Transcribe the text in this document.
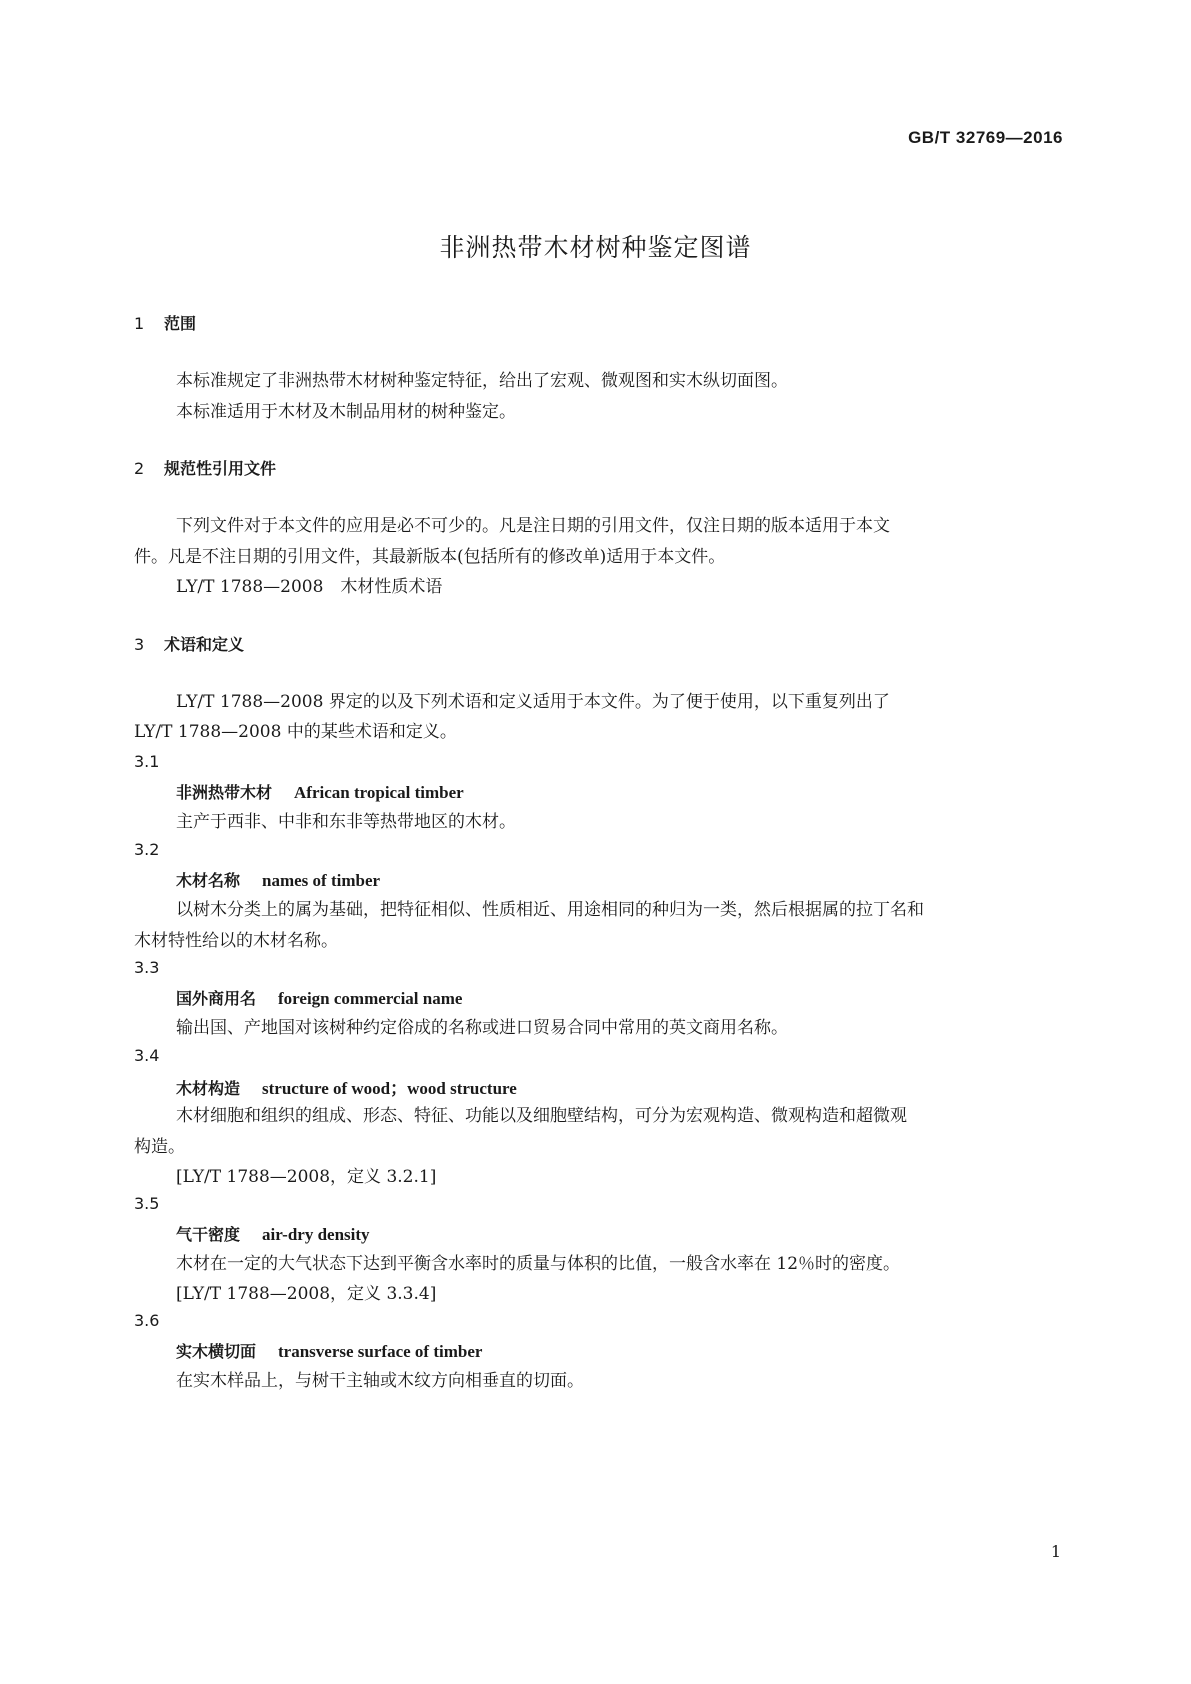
GB/T 32769—2016
非洲热带木材树种鉴定图谱
1 范围
本标准规定了非洲热带木材树种鉴定特征，给出了宏观、微观图和实木纵切面图。
本标准适用于木材及木制品用材的树种鉴定。
2 规范性引用文件
下列文件对于本文件的应用是必不可少的。凡是注日期的引用文件，仅注日期的版本适用于本文
件。凡是不注日期的引用文件，其最新版本(包括所有的修改单)适用于本文件。
LY/T 1788—2008　木材性质术语
3 术语和定义
LY/T 1788—2008 界定的以及下列术语和定义适用于本文件。为了便于使用，以下重复列出了
LY/T 1788—2008 中的某些术语和定义。
3.1
非洲热带木材 African tropical timber
主产于西非、中非和东非等热带地区的木材。
3.2
木材名称 names of timber
以树木分类上的属为基础，把特征相似、性质相近、用途相同的种归为一类，然后根据属的拉丁名和
木材特性给以的木材名称。
3.3
国外商用名 foreign commercial name
输出国、产地国对该树种约定俗成的名称或进口贸易合同中常用的英文商用名称。
3.4
木材构造 structure of wood；wood structure
木材细胞和组织的组成、形态、特征、功能以及细胞壁结构，可分为宏观构造、微观构造和超微观
构造。
[LY/T 1788—2008，定义 3.2.1]
3.5
气干密度 air-dry density
木材在一定的大气状态下达到平衡含水率时的质量与体积的比值，一般含水率在 12％时的密度。
[LY/T 1788—2008，定义 3.3.4]
3.6
实木横切面 transverse surface of timber
在实木样品上，与树干主轴或木纹方向相垂直的切面。
1
